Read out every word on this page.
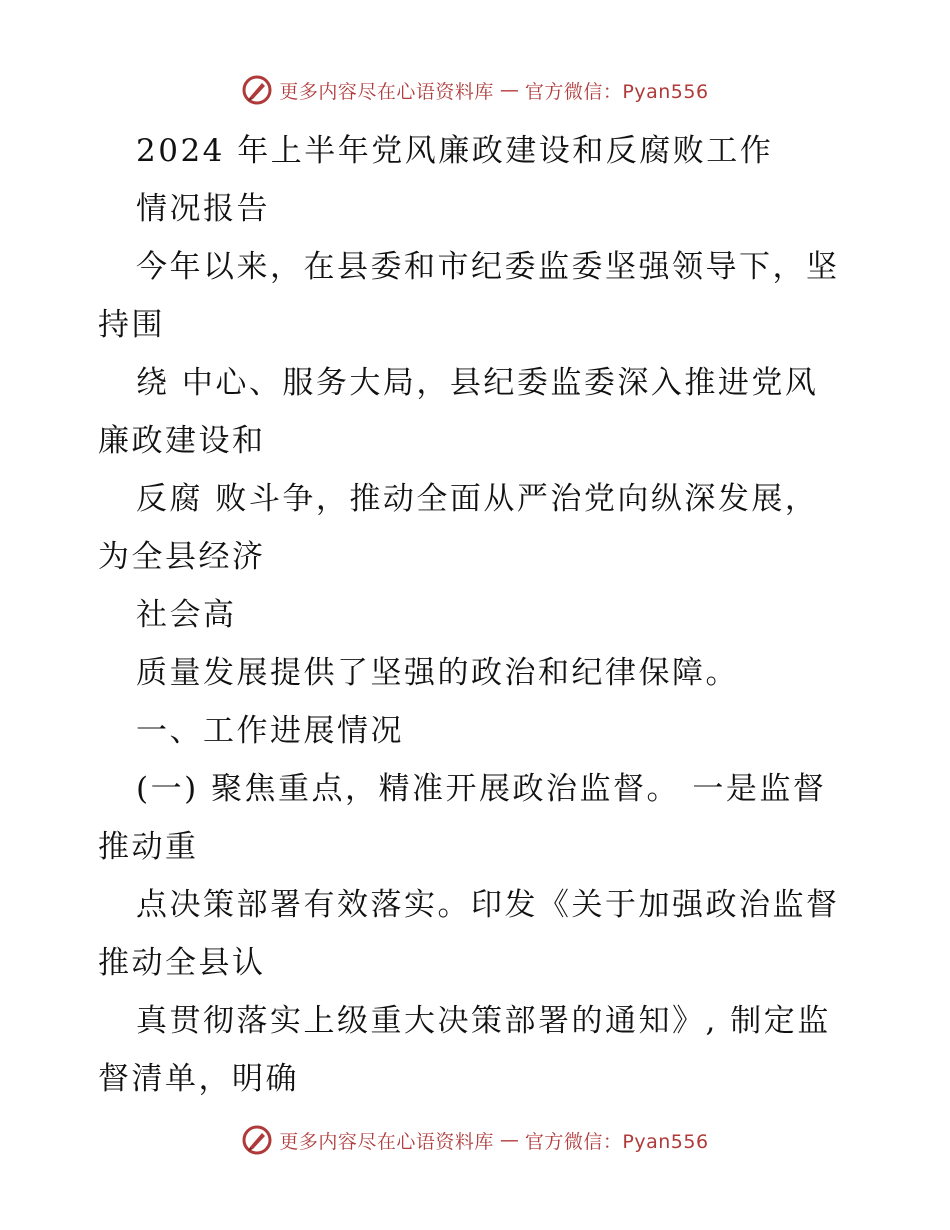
更多内容尽在心语资料库 — 官方微信：Pyan556
2024 年上半年党风廉政建设和反腐败工作
情况报告
今年以来，在县委和市纪委监委坚强领导下，坚
持围
绕 中心、服务大局，县纪委监委深入推进党风
廉政建设和
反腐 败斗争，推动全面从严治党向纵深发展，
为全县经济
社会高
质量发展提供了坚强的政治和纪律保障。
一、工作进展情况
(一) 聚焦重点，精准开展政治监督。 一是监督
推动重
点决策部署有效落实。印发《关于加强政治监督
推动全县认
真贯彻落实上级重大决策部署的通知》, 制定监
督清单，明确
更多内容尽在心语资料库 — 官方微信：Pyan556
